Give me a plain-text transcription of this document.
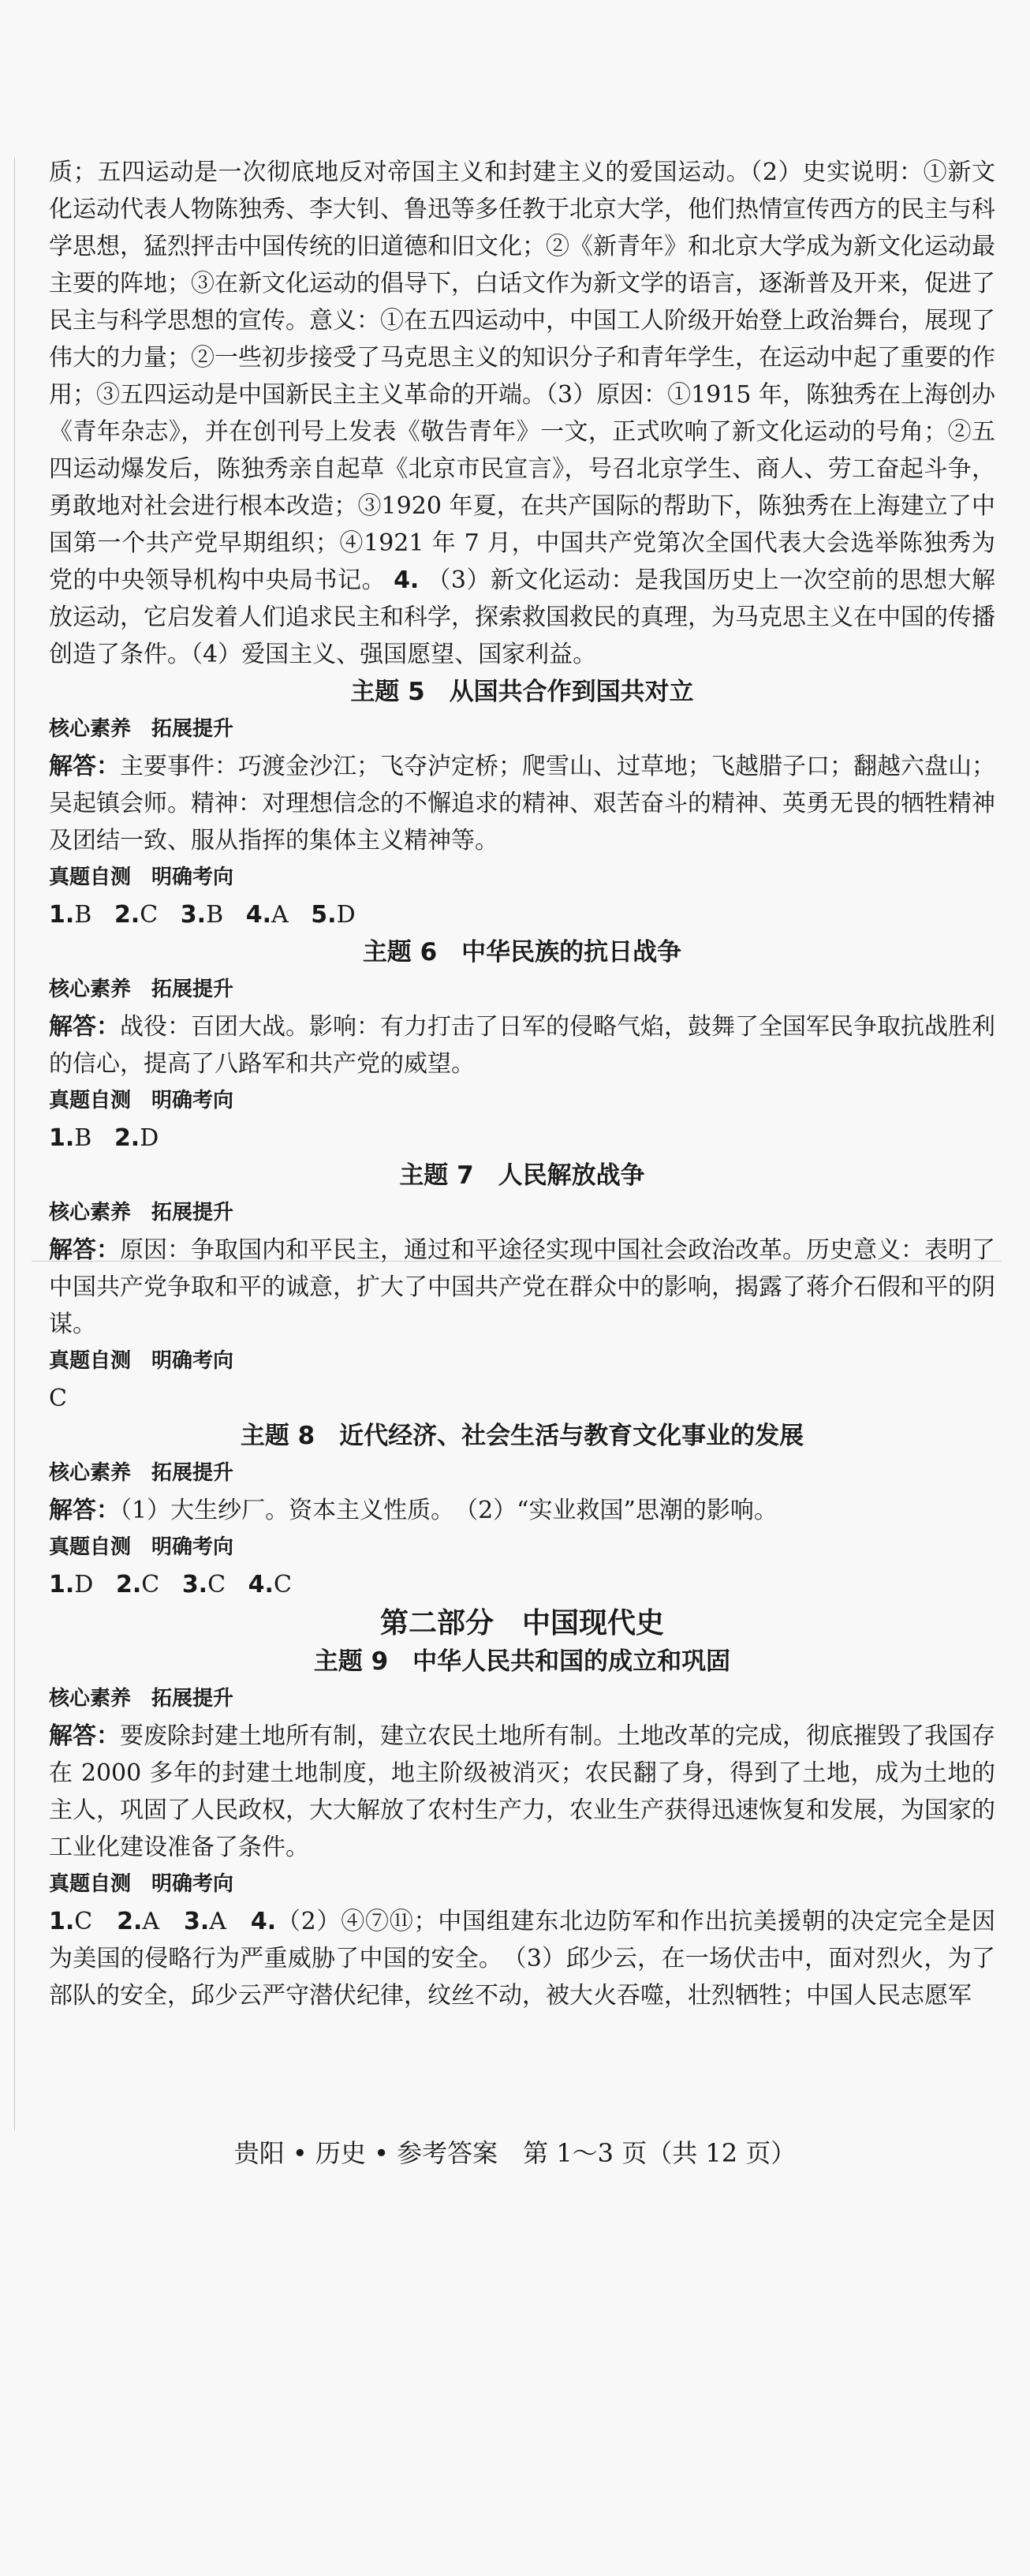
质；五四运动是一次彻底地反对帝国主义和封建主义的爱国运动。（2）史实说明：①新文化运动代表人物陈独秀、李大钊、鲁迅等多任教于北京大学，他们热情宣传西方的民主与科学思想，猛烈抨击中国传统的旧道德和旧文化；②《新青年》和北京大学成为新文化运动最主要的阵地；③在新文化运动的倡导下，白话文作为新文学的语言，逐渐普及开来，促进了民主与科学思想的宣传。意义：①在五四运动中，中国工人阶级开始登上政治舞台，展现了伟大的力量；②一些初步接受了马克思主义的知识分子和青年学生，在运动中起了重要的作用；③五四运动是中国新民主主义革命的开端。（3）原因：①1915 年，陈独秀在上海创办《青年杂志》，并在创刊号上发表《敬告青年》一文，正式吹响了新文化运动的号角；②五四运动爆发后，陈独秀亲自起草《北京市民宣言》，号召北京学生、商人、劳工奋起斗争，勇敢地对社会进行根本改造；③1920 年夏，在共产国际的帮助下，陈独秀在上海建立了中国第一个共产党早期组织；④1921 年 7 月，中国共产党第次全国代表大会选举陈独秀为党的中央领导机构中央局书记。 4. （3）新文化运动：是我国历史上一次空前的思想大解放运动，它启发着人们追求民主和科学，探索救国救民的真理，为马克思主义在中国的传播创造了条件。（4）爱国主义、强国愿望、国家利益。

主题 5　从国共合作到国共对立

核心素养　拓展提升

解答：主要事件：巧渡金沙江；飞夺泸定桥；爬雪山、过草地；飞越腊子口；翻越六盘山；吴起镇会师。精神：对理想信念的不懈追求的精神、艰苦奋斗的精神、英勇无畏的牺牲精神及团结一致、服从指挥的集体主义精神等。

真题自测　明确考向

1.B 2.C 3.B 4.A 5.D

主题 6　中华民族的抗日战争

核心素养　拓展提升

解答：战役：百团大战。影响：有力打击了日军的侵略气焰，鼓舞了全国军民争取抗战胜利的信心，提高了八路军和共产党的威望。

真题自测　明确考向

1.B 2.D

主题 7　人民解放战争

核心素养　拓展提升

解答：原因：争取国内和平民主，通过和平途径实现中国社会政治改革。历史意义：表明了中国共产党争取和平的诚意，扩大了中国共产党在群众中的影响，揭露了蒋介石假和平的阴谋。

真题自测　明确考向

C

主题 8　近代经济、社会生活与教育文化事业的发展

核心素养　拓展提升

解答：（1）大生纱厂。资本主义性质。　（2）“实业救国”思潮的影响。

真题自测　明确考向

1.D 2.C 3.C 4.C

第二部分　中国现代史

主题 9　中华人民共和国的成立和巩固

核心素养　拓展提升

解答：要废除封建土地所有制，建立农民土地所有制。土地改革的完成，彻底摧毁了我国存在 2000 多年的封建土地制度，地主阶级被消灭；农民翻了身，得到了土地，成为土地的主人，巩固了人民政权，大大解放了农村生产力，农业生产获得迅速恢复和发展，为国家的工业化建设准备了条件。

真题自测　明确考向

1.C 2.A 3.A 4.（2）④⑦⑪；中国组建东北边防军和作出抗美援朝的决定完全是因为美国的侵略行为严重威胁了中国的安全。　（3）邱少云，在一场伏击中，面对烈火，为了部队的安全，邱少云严守潜伏纪律，纹丝不动，被大火吞噬，壮烈牺牲；中国人民志愿军

贵阳 • 历史 • 参考答案　第 1～3 页（共 12 页）
